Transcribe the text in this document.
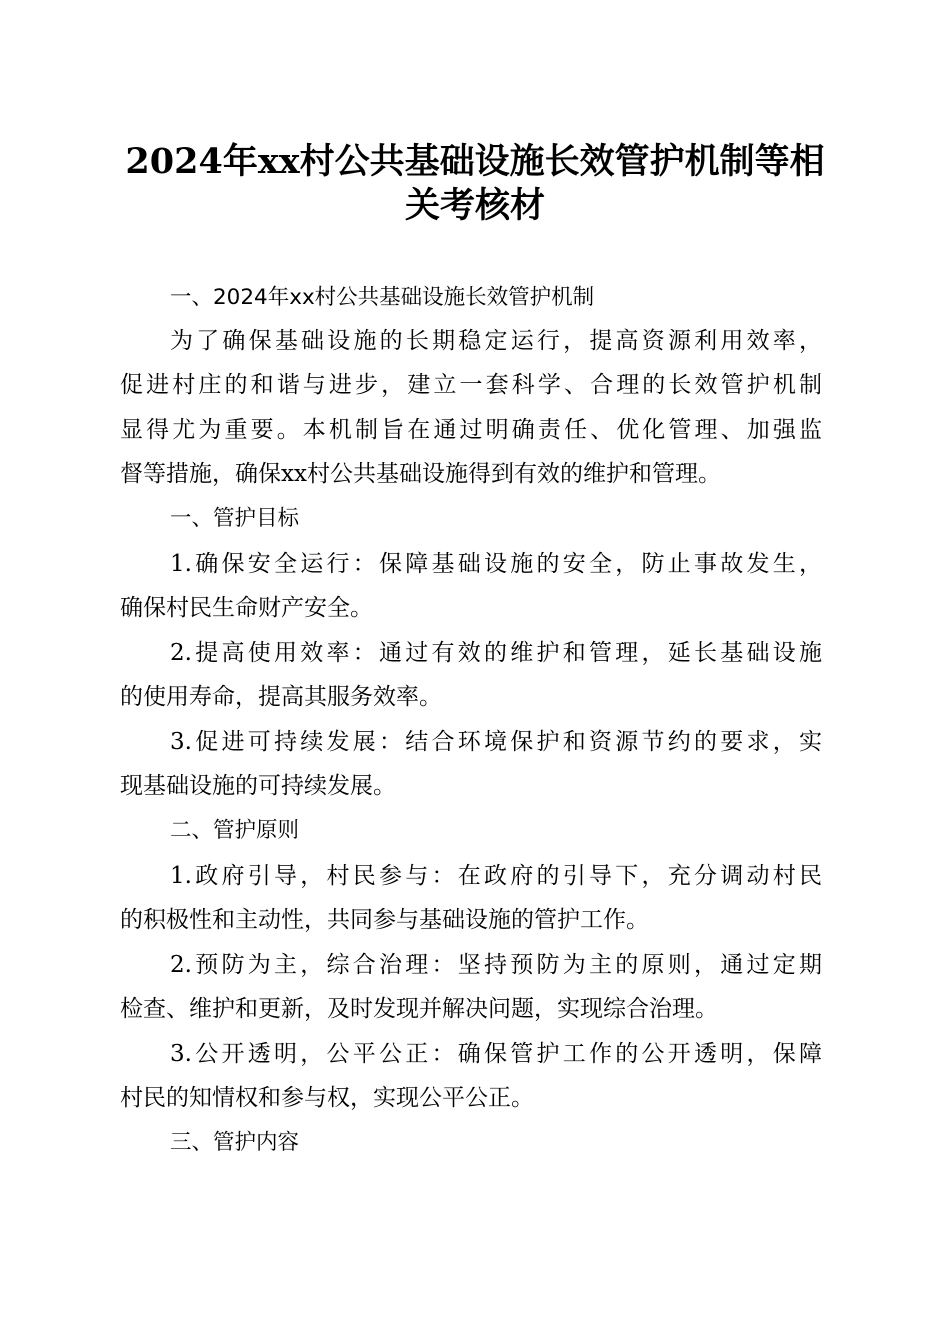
2024年xx村公共基础设施长效管护机制等相
关考核材
一、2024年xx村公共基础设施长效管护机制
为了确保基础设施的长期稳定运行，提高资源利用效率，
促进村庄的和谐与进步，建立一套科学、合理的长效管护机制
显得尤为重要。本机制旨在通过明确责任、优化管理、加强监
督等措施，确保xx村公共基础设施得到有效的维护和管理。
一、管护目标
1.确保安全运行：保障基础设施的安全，防止事故发生，
确保村民生命财产安全。
2.提高使用效率：通过有效的维护和管理，延长基础设施
的使用寿命，提高其服务效率。
3.促进可持续发展：结合环境保护和资源节约的要求，实
现基础设施的可持续发展。
二、管护原则
1.政府引导，村民参与：在政府的引导下，充分调动村民
的积极性和主动性，共同参与基础设施的管护工作。
2.预防为主，综合治理：坚持预防为主的原则，通过定期
检查、维护和更新，及时发现并解决问题，实现综合治理。
3.公开透明，公平公正：确保管护工作的公开透明，保障
村民的知情权和参与权，实现公平公正。
三、管护内容
